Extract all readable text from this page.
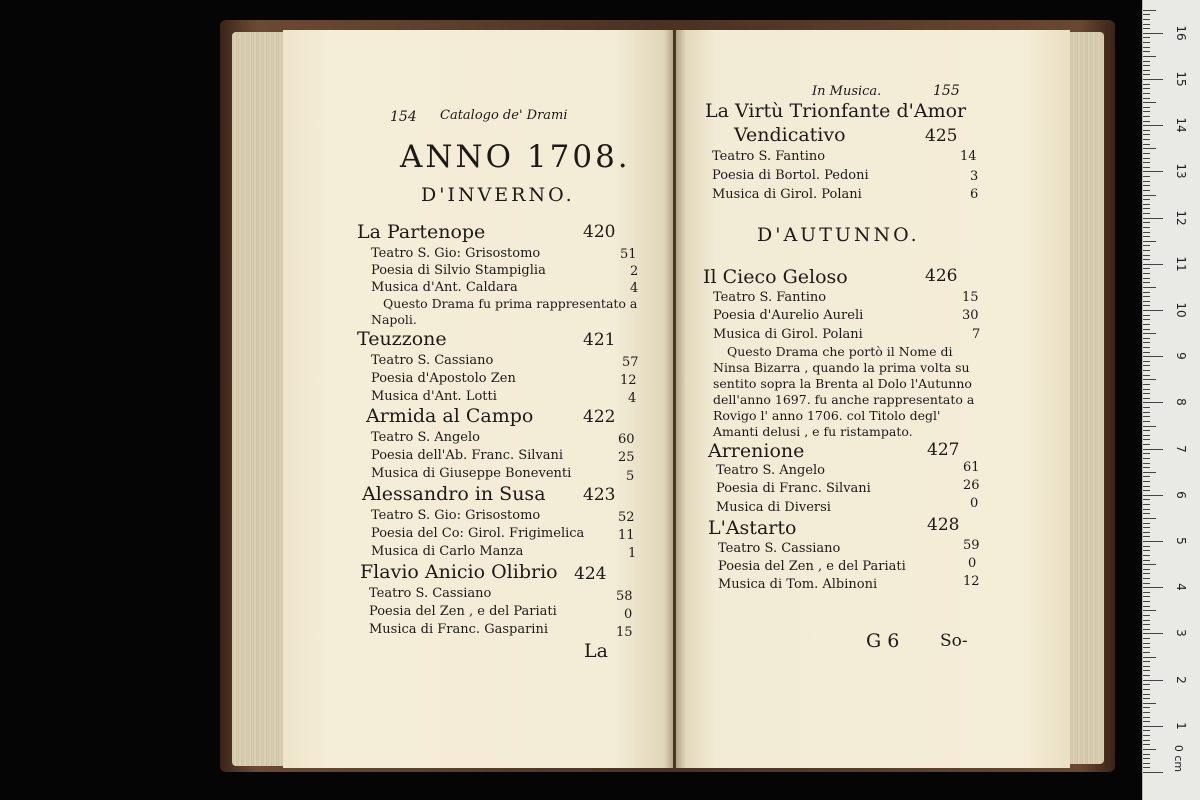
154 Catalogo de' Drami
ANNO 1708.
D'INVERNO.
La Partenope	420
Teatro S. Gio: Grisostomo	51
Poesia di Silvio Stampiglia	2
Musica d'Ant. Caldara	4
Questo Drama fu prima rappresentato a
Napoli.
Teuzzone	421
Teatro S. Cassiano	57
Poesia d'Apostolo Zen	12
Musica d'Ant. Lotti	4
Armida al Campo	422
Teatro S. Angelo	60
Poesia dell'Ab. Franc. Silvani	25
Musica di Giuseppe Boneventi	5
Alessandro in Susa 423
Teatro S. Gio: Grisostomo	52
Poesia del Co: Girol. Frigimelica	11
Musica di Carlo Manza	1
Flavio Anicio Olibrio 424
Teatro S. Cassiano	58
Poesia del Zen , e del Pariati	0
Musica di Franc. Gasparini	15
La
In Musica.	155
La Virtù Trionfante d'Amor
Vendicativo	425
Teatro S. Fantino	14
Poesia di Bortol. Pedoni	3
Musica di Girol. Polani	6
D'AUTUNNO.
Il Cieco Geloso	426
Teatro S. Fantino	15
Poesia d'Aurelio Aureli	30
Musica di Girol. Polani	7
Questo Drama che portò il Nome di
Ninsa Bizarra , quando la prima volta su
sentito sopra la Brenta al Dolo l'Autunno
dell'anno 1697. fu anche rappresentato a
Rovigo l' anno 1706. col Titolo degl'
Amanti delusi , e fu ristampato.
Arrenione	427
Teatro S. Angelo	61
Poesia di Franc. Silvani	26
Musica di Diversi	0
L'Astarto	428
Teatro S. Cassiano	59
Poesia del Zen , e del Pariati	0
Musica di Tom. Albinoni	12
G 6 So-
1
2
3
4
5
6
7
8
9
10
11
12
13
14
15
16
0 cm
